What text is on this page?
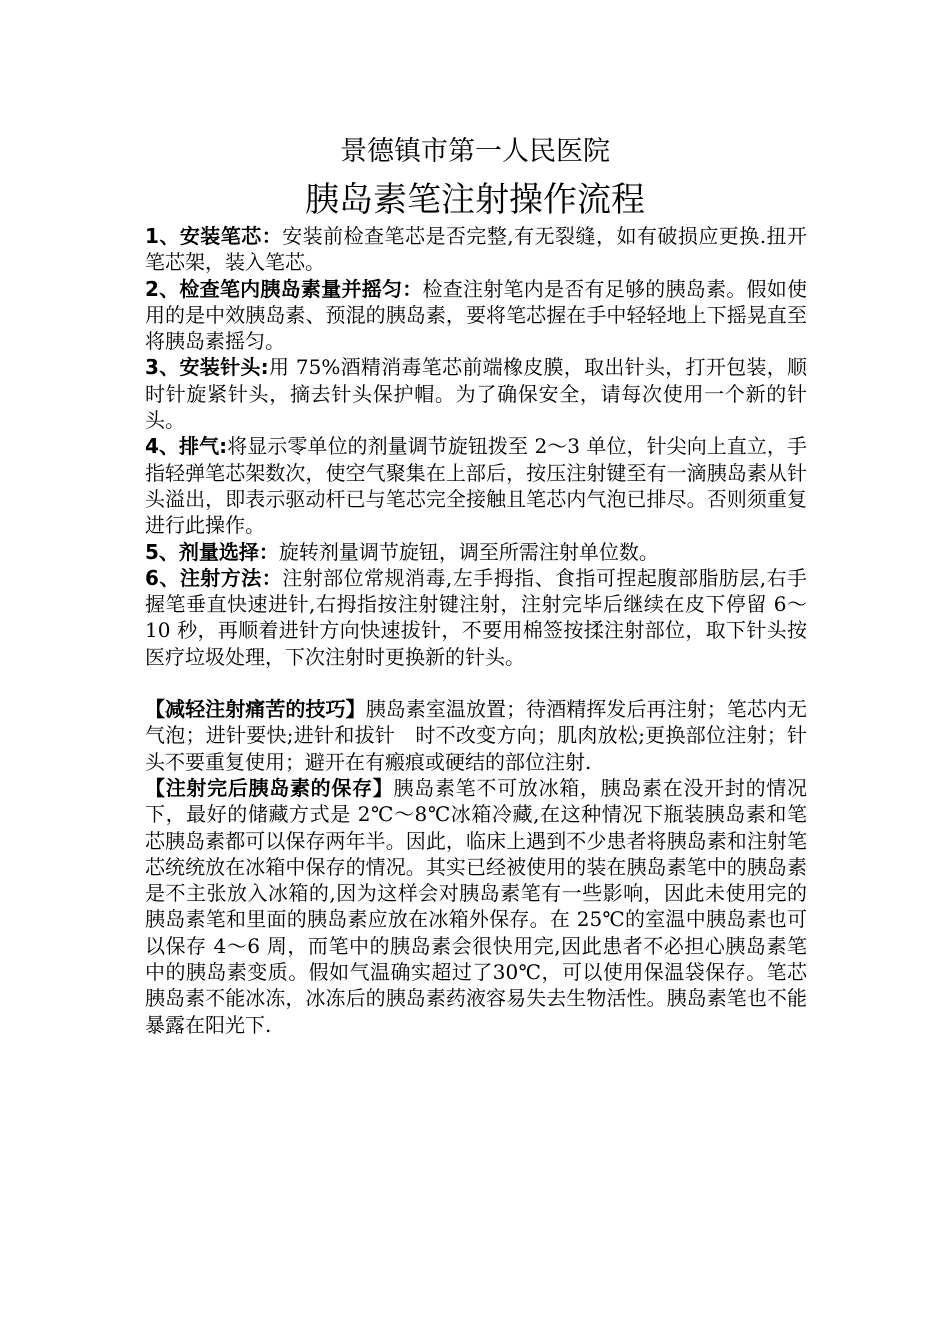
景德镇市第一人民医院
胰岛素笔注射操作流程

1、安装笔芯：安装前检查笔芯是否完整,有无裂缝，如有破损应更换.扭开笔芯架，装入笔芯。

2、检查笔内胰岛素量并摇匀：检查注射笔内是否有足够的胰岛素。假如使用的是中效胰岛素、预混的胰岛素，要将笔芯握在手中轻轻地上下摇晃直至将胰岛素摇匀。

3、安装针头:用 75%酒精消毒笔芯前端橡皮膜，取出针头，打开包装，顺时针旋紧针头，摘去针头保护帽。为了确保安全，请每次使用一个新的针头。

4、排气:将显示零单位的剂量调节旋钮拨至 2～3 单位，针尖向上直立，手指轻弹笔芯架数次，使空气聚集在上部后，按压注射键至有一滴胰岛素从针头溢出，即表示驱动杆已与笔芯完全接触且笔芯内气泡已排尽。否则须重复进行此操作。

5、剂量选择：旋转剂量调节旋钮，调至所需注射单位数。

6、注射方法：注射部位常规消毒,左手拇指、食指可捏起腹部脂肪层,右手握笔垂直快速进针,右拇指按注射键注射，注射完毕后继续在皮下停留 6～10 秒，再顺着进针方向快速拔针，不要用棉签按揉注射部位，取下针头按医疗垃圾处理，下次注射时更换新的针头。

【减轻注射痛苦的技巧】胰岛素室温放置；待酒精挥发后再注射；笔芯内无气泡；进针要快;进针和拔针　时不改变方向；肌肉放松;更换部位注射；针头不要重复使用；避开在有瘢痕或硬结的部位注射.

【注射完后胰岛素的保存】胰岛素笔不可放冰箱，胰岛素在没开封的情况下，最好的储藏方式是 2℃～8℃冰箱冷藏,在这种情况下瓶装胰岛素和笔芯胰岛素都可以保存两年半。因此，临床上遇到不少患者将胰岛素和注射笔芯统统放在冰箱中保存的情况。其实已经被使用的装在胰岛素笔中的胰岛素是不主张放入冰箱的,因为这样会对胰岛素笔有一些影响，因此未使用完的胰岛素笔和里面的胰岛素应放在冰箱外保存。在 25℃的室温中胰岛素也可以保存 4～6 周，而笔中的胰岛素会很快用完,因此患者不必担心胰岛素笔中的胰岛素变质。假如气温确实超过了30℃，可以使用保温袋保存。笔芯胰岛素不能冰冻，冰冻后的胰岛素药液容易失去生物活性。胰岛素笔也不能暴露在阳光下.
